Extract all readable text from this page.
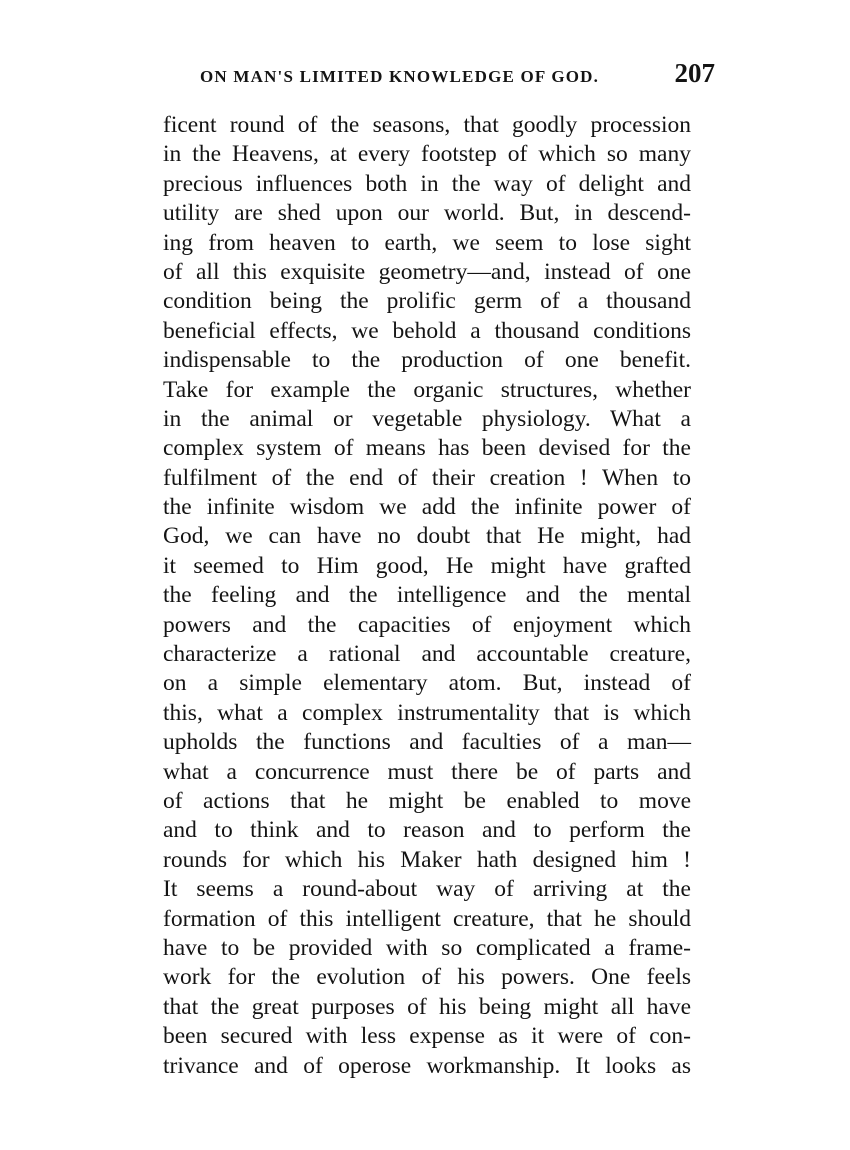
ON MAN'S LIMITED KNOWLEDGE OF GOD.	207
ficent round of the seasons, that goodly procession
in the Heavens, at every footstep of which so many
precious influences both in the way of delight and
utility are shed upon our world. But, in descend-
ing from heaven to earth, we seem to lose sight
of all this exquisite geometry—and, instead of one
condition being the prolific germ of a thousand
beneficial effects, we behold a thousand conditions
indispensable to the production of one benefit.
Take for example the organic structures, whether
in the animal or vegetable physiology. What a
complex system of means has been devised for the
fulfilment of the end of their creation ! When to
the infinite wisdom we add the infinite power of
God, we can have no doubt that He might, had
it seemed to Him good, He might have grafted
the feeling and the intelligence and the mental
powers and the capacities of enjoyment which
characterize a rational and accountable creature,
on a simple elementary atom. But, instead of
this, what a complex instrumentality that is which
upholds the functions and faculties of a man—
what a concurrence must there be of parts and
of actions that he might be enabled to move
and to think and to reason and to perform the
rounds for which his Maker hath designed him !
It seems a round-about way of arriving at the
formation of this intelligent creature, that he should
have to be provided with so complicated a frame-
work for the evolution of his powers. One feels
that the great purposes of his being might all have
been secured with less expense as it were of con-
trivance and of operose workmanship. It looks as
